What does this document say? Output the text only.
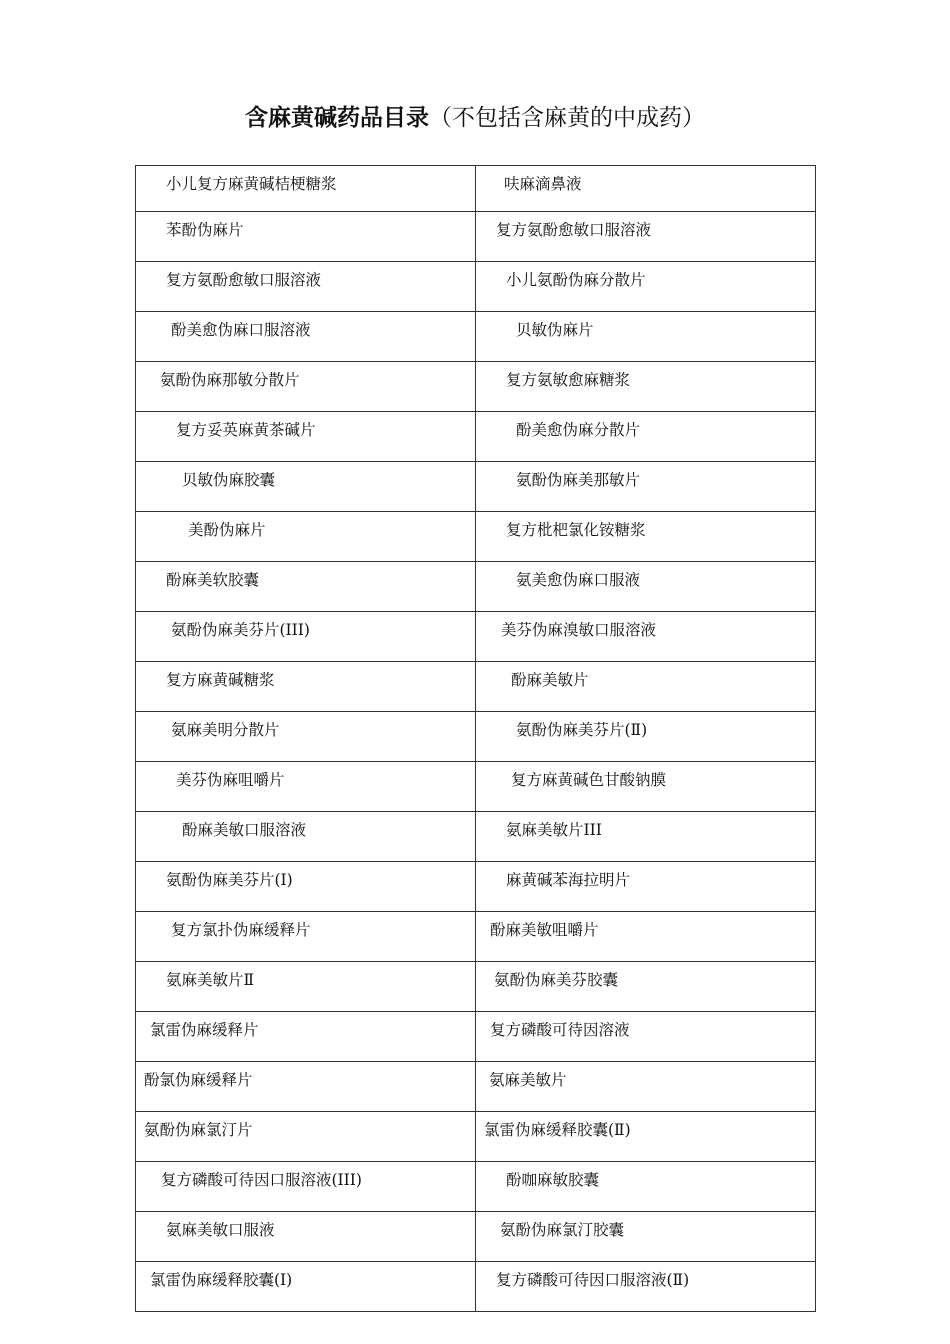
含麻黄碱药品目录（不包括含麻黄的中成药）
小儿复方麻黄碱桔梗糖浆	呋麻滴鼻液
苯酚伪麻片	复方氨酚愈敏口服溶液
复方氨酚愈敏口服溶液	小儿氨酚伪麻分散片
酚美愈伪麻口服溶液	贝敏伪麻片
氨酚伪麻那敏分散片	复方氨敏愈麻糖浆
复方妥英麻黄茶碱片	酚美愈伪麻分散片
贝敏伪麻胶囊	氨酚伪麻美那敏片
美酚伪麻片	复方枇杷氯化铵糖浆
酚麻美软胶囊	氨美愈伪麻口服液
氨酚伪麻美芬片(III)	美芬伪麻溴敏口服溶液
复方麻黄碱糖浆	酚麻美敏片
氨麻美明分散片	氨酚伪麻美芬片(Ⅱ)
美芬伪麻咀嚼片	复方麻黄碱色甘酸钠膜
酚麻美敏口服溶液	氨麻美敏片III
氨酚伪麻美芬片(Ⅰ)	麻黄碱苯海拉明片
复方氯扑伪麻缓释片	酚麻美敏咀嚼片
氨麻美敏片Ⅱ	氨酚伪麻美芬胶囊
氯雷伪麻缓释片	复方磷酸可待因溶液
酚氯伪麻缓释片	氨麻美敏片
氨酚伪麻氯汀片	氯雷伪麻缓释胶囊(Ⅱ)
复方磷酸可待因口服溶液(III)	酚咖麻敏胶囊
氨麻美敏口服液	氨酚伪麻氯汀胶囊
氯雷伪麻缓释胶囊(Ⅰ)	复方磷酸可待因口服溶液(Ⅱ)
